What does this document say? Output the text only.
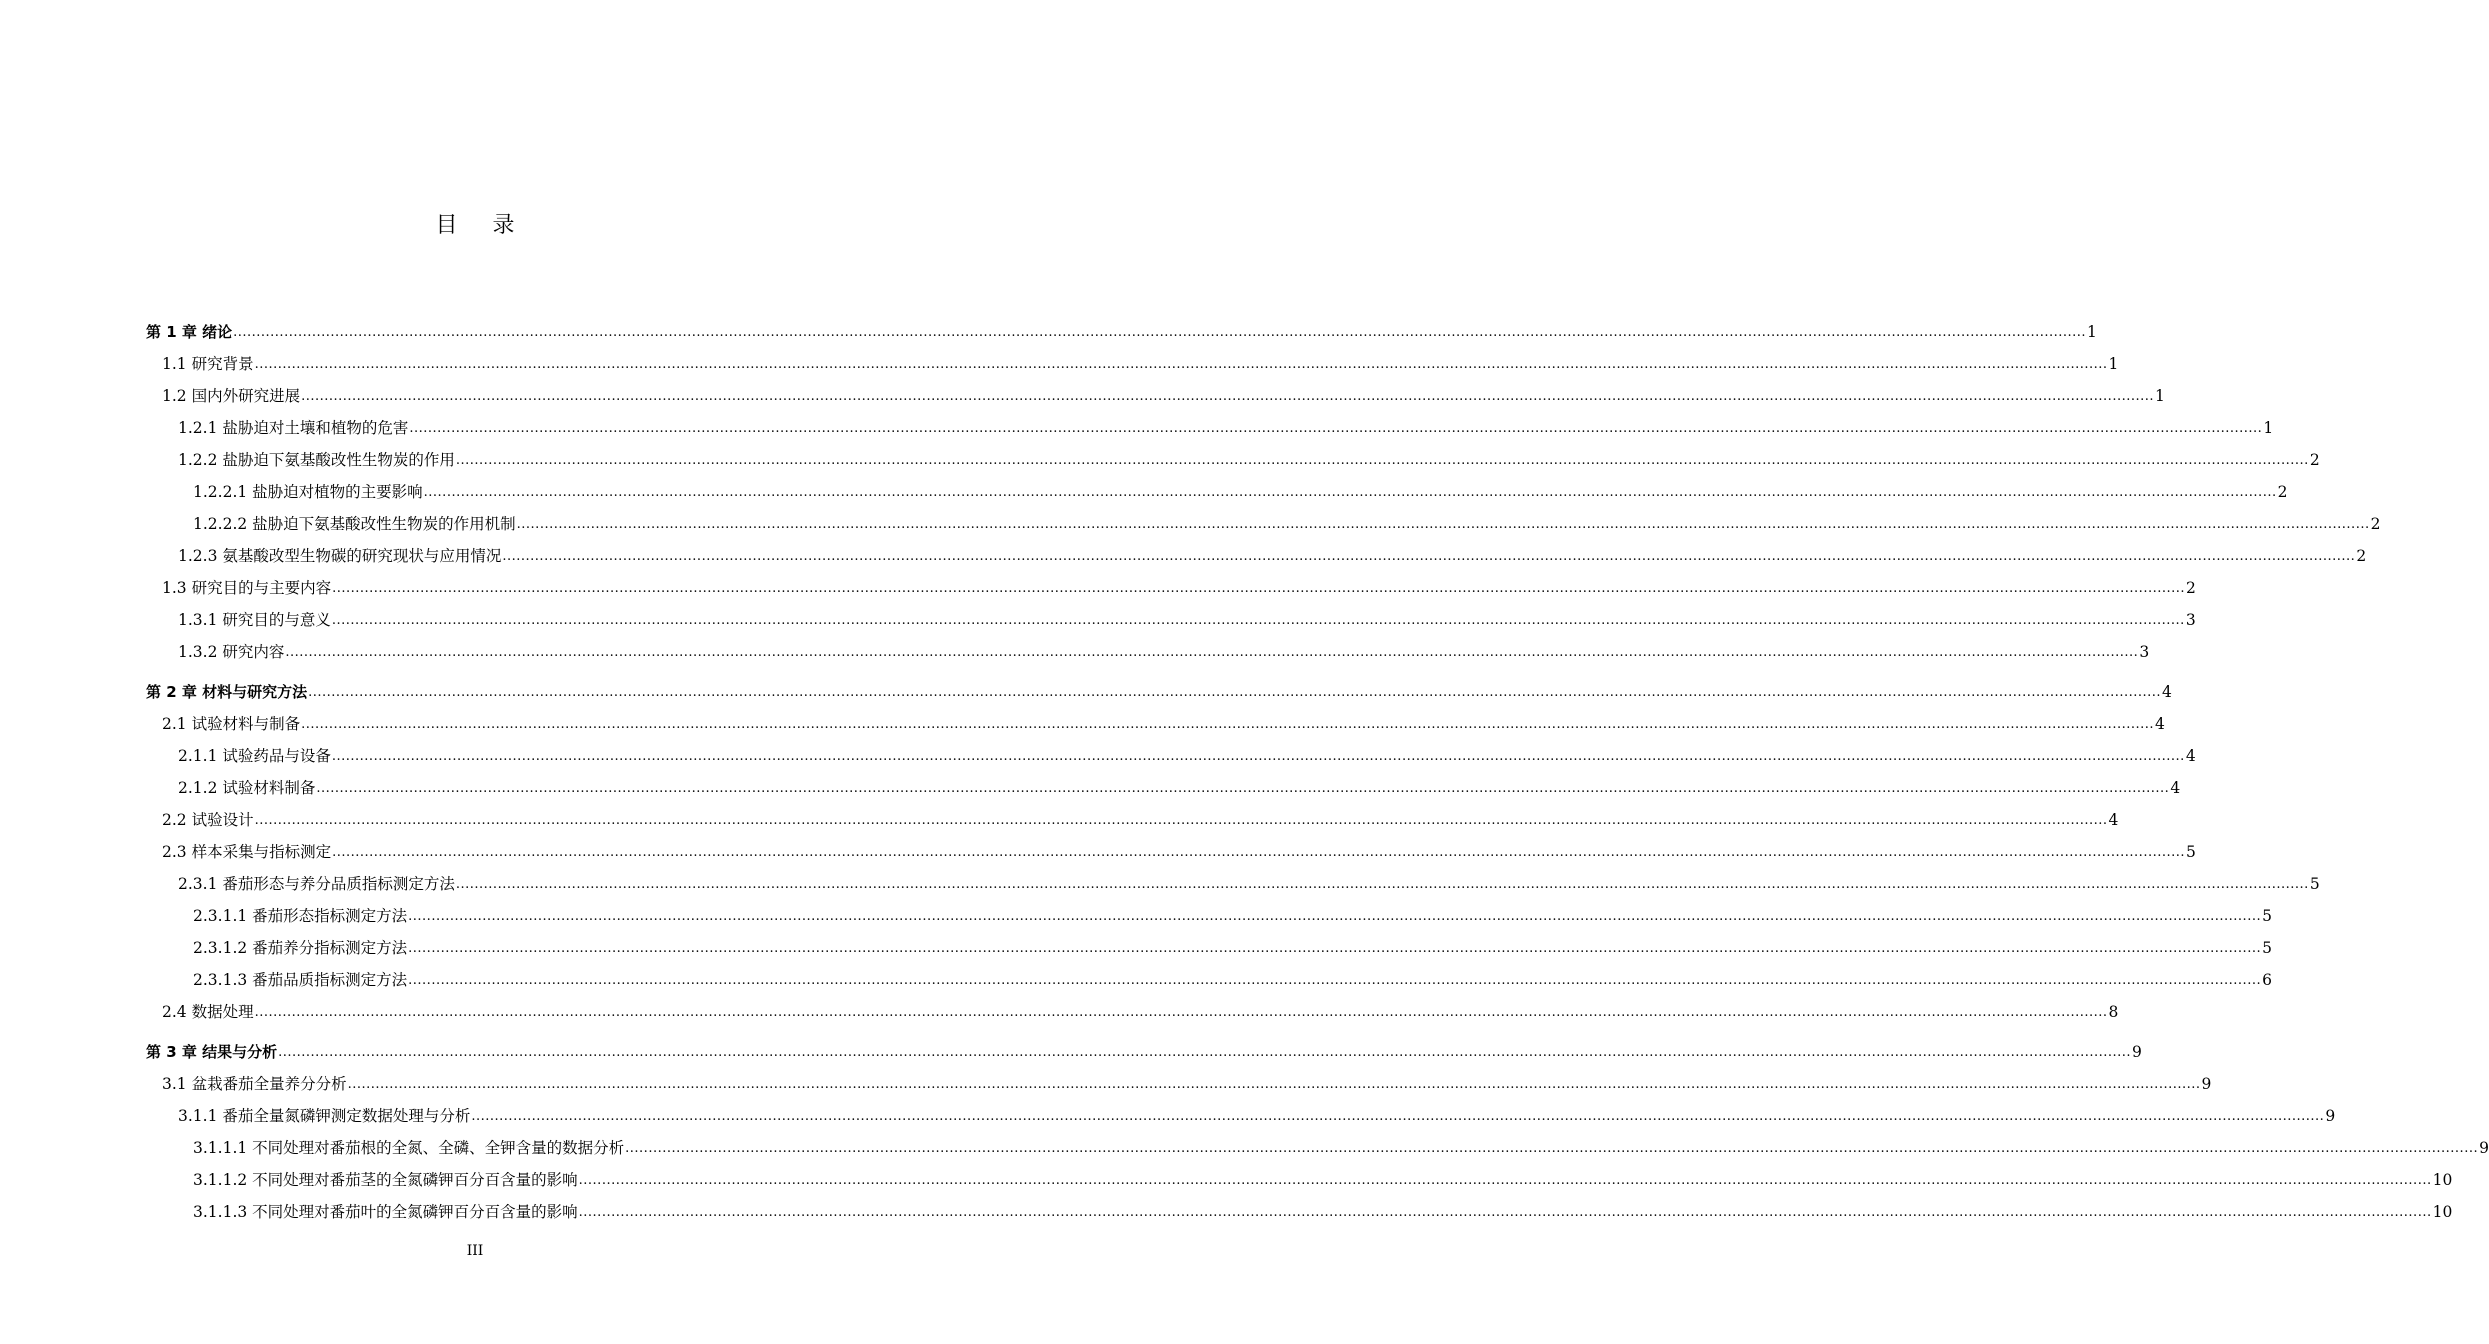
目 录
第 1 章 绪论 ................................................................................................................................................................................................................................................................................................................................................................................................................ 1
1.1 研究背景 ................................................................................................................................................................................................................................................................................................................................................................................................................ 1
1.2 国内外研究进展 ................................................................................................................................................................................................................................................................................................................................................................................................................ 1
1.2.1 盐胁迫对土壤和植物的危害 ................................................................................................................................................................................................................................................................................................................................................................................................................ 1
1.2.2 盐胁迫下氨基酸改性生物炭的作用 ................................................................................................................................................................................................................................................................................................................................................................................................................ 2
1.2.2.1 盐胁迫对植物的主要影响 ................................................................................................................................................................................................................................................................................................................................................................................................................ 2
1.2.2.2 盐胁迫下氨基酸改性生物炭的作用机制 ................................................................................................................................................................................................................................................................................................................................................................................................................ 2
1.2.3 氨基酸改型生物碳的研究现状与应用情况 ................................................................................................................................................................................................................................................................................................................................................................................................................ 2
1.3 研究目的与主要内容 ................................................................................................................................................................................................................................................................................................................................................................................................................ 2
1.3.1 研究目的与意义 ................................................................................................................................................................................................................................................................................................................................................................................................................ 3
1.3.2 研究内容 ................................................................................................................................................................................................................................................................................................................................................................................................................ 3
第 2 章 材料与研究方法 ................................................................................................................................................................................................................................................................................................................................................................................................................ 4
2.1 试验材料与制备 ................................................................................................................................................................................................................................................................................................................................................................................................................ 4
2.1.1 试验药品与设备 ................................................................................................................................................................................................................................................................................................................................................................................................................ 4
2.1.2 试验材料制备 ................................................................................................................................................................................................................................................................................................................................................................................................................ 4
2.2 试验设计 ................................................................................................................................................................................................................................................................................................................................................................................................................ 4
2.3 样本采集与指标测定 ................................................................................................................................................................................................................................................................................................................................................................................................................ 5
2.3.1 番茄形态与养分品质指标测定方法 ................................................................................................................................................................................................................................................................................................................................................................................................................ 5
2.3.1.1 番茄形态指标测定方法 ................................................................................................................................................................................................................................................................................................................................................................................................................ 5
2.3.1.2 番茄养分指标测定方法 ................................................................................................................................................................................................................................................................................................................................................................................................................ 5
2.3.1.3 番茄品质指标测定方法 ................................................................................................................................................................................................................................................................................................................................................................................................................ 6
2.4 数据处理 ................................................................................................................................................................................................................................................................................................................................................................................................................ 8
第 3 章 结果与分析 ................................................................................................................................................................................................................................................................................................................................................................................................................ 9
3.1 盆栽番茄全量养分分析 ................................................................................................................................................................................................................................................................................................................................................................................................................ 9
3.1.1 番茄全量氮磷钾测定数据处理与分析 ................................................................................................................................................................................................................................................................................................................................................................................................................ 9
3.1.1.1 不同处理对番茄根的全氮、全磷、全钾含量的数据分析 ................................................................................................................................................................................................................................................................................................................................................................................................................ 9
3.1.1.2 不同处理对番茄茎的全氮磷钾百分百含量的影响 ................................................................................................................................................................................................................................................................................................................................................................................................................ 10
3.1.1.3 不同处理对番茄叶的全氮磷钾百分百含量的影响 ................................................................................................................................................................................................................................................................................................................................................................................................................ 10
III
